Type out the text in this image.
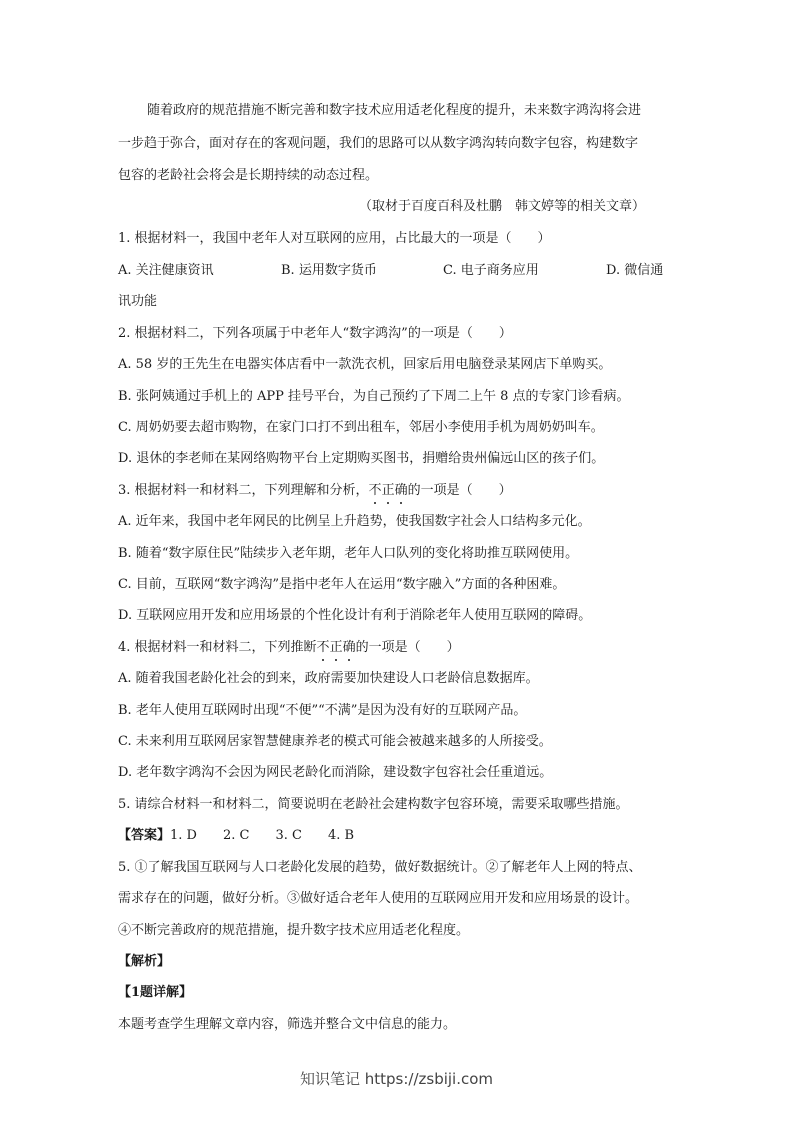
随着政府的规范措施不断完善和数字技术应用适老化程度的提升，未来数字鸿沟将会进
一步趋于弥合，面对存在的客观问题，我们的思路可以从数字鸿沟转向数字包容，构建数字
包容的老龄社会将会是长期持续的动态过程。
（取材于百度百科及杜鹏　韩文婷等的相关文章）
1. 根据材料一，我国中老年人对互联网的应用，占比最大的一项是（　　）
A. 关注健康资讯	B. 运用数字货币	C. 电子商务应用	D. 微信通
讯功能
2. 根据材料二，下列各项属于中老年人“数字鸿沟”的一项是（　　）
A. 58 岁的王先生在电器实体店看中一款洗衣机，回家后用电脑登录某网店下单购买。
B. 张阿姨通过手机上的 APP 挂号平台，为自己预约了下周二上午 8 点的专家门诊看病。
C. 周奶奶要去超市购物，在家门口打不到出租车，邻居小李使用手机为周奶奶叫车。
D. 退休的李老师在某网络购物平台上定期购买图书，捐赠给贵州偏远山区的孩子们。
3. 根据材料一和材料二，下列理解和分析，不正确的一项是（　　）
A. 近年来，我国中老年网民的比例呈上升趋势，使我国数字社会人口结构多元化。
B. 随着“数字原住民”陆续步入老年期，老年人口队列的变化将助推互联网使用。
C. 目前，互联网“数字鸿沟”是指中老年人在运用“数字融入”方面的各种困难。
D. 互联网应用开发和应用场景的个性化设计有利于消除老年人使用互联网的障碍。
4. 根据材料一和材料二，下列推断不正确的一项是（　　）
A. 随着我国老龄化社会的到来，政府需要加快建设人口老龄信息数据库。
B. 老年人使用互联网时出现“不便”“不满”是因为没有好的互联网产品。
C. 未来利用互联网居家智慧健康养老的模式可能会被越来越多的人所接受。
D. 老年数字鸿沟不会因为网民老龄化而消除，建设数字包容社会任重道远。
5. 请综合材料一和材料二，简要说明在老龄社会建构数字包容环境，需要采取哪些措施。
【答案】1. D　　2. C　　3. C　　4. B
5. ①了解我国互联网与人口老龄化发展的趋势，做好数据统计。②了解老年人上网的特点、
需求存在的问题，做好分析。③做好适合老年人使用的互联网应用开发和应用场景的设计。
④不断完善政府的规范措施，提升数字技术应用适老化程度。
【解析】
【1题详解】
本题考查学生理解文章内容，筛选并整合文中信息的能力。
知识笔记 https://zsbiji.com
